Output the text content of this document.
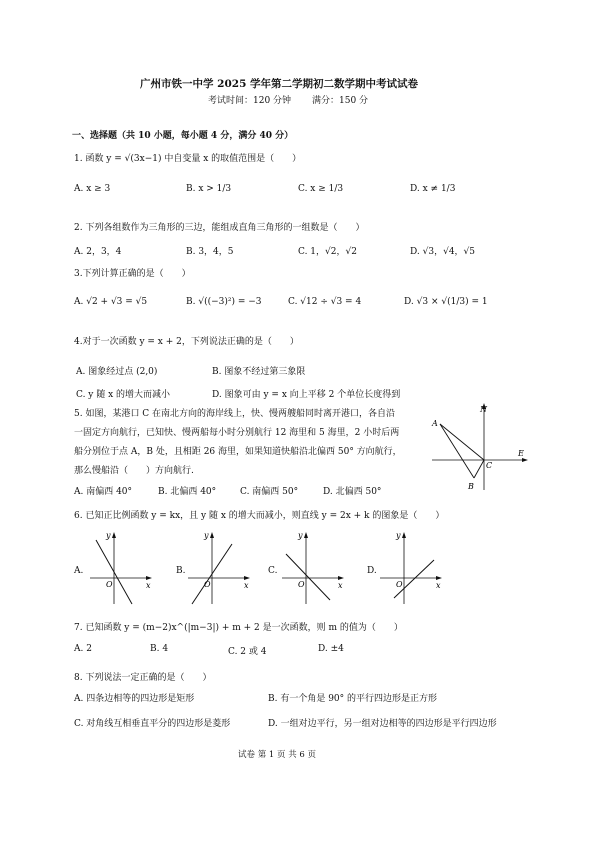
广州市铁一中学 2025 学年第二学期初二数学期中考试试卷
考试时间：120 分钟 满分：150 分
一、选择题（共 10 小题，每小题 4 分，满分 40 分）
1. 函数 y = √(3x−1) 中自变量 x 的取值范围是（　　）
A. x ≥ 3	B. x > 1/3	C. x ≥ 1/3	D. x ≠ 1/3
2. 下列各组数作为三角形的三边，能组成直角三角形的一组数是（　　）
A. 2，3，4	B. 3，4，5	C. 1，√2，√2	D. √3，√4，√5
3.下列计算正确的是（　　）
A. √2 + √3 = √5	B. √((−3)²) = −3	C. √12 ÷ √3 = 4	D. √3 × √(1/3) = 1
4.对于一次函数 y = x + 2，下列说法正确的是（　　）
A. 图象经过点 (2,0)	B. 图象不经过第三象限
C. y 随 x 的增大而减小	D. 图象可由 y = x 向上平移 2 个单位长度得到
5. 如图，某港口 C 在南北方向的海岸线上，快、慢两艘船同时离开港口，各自沿
一固定方向航行，已知快、慢两船每小时分别航行 12 海里和 5 海里，2 小时后两
船分别位于点 A，B 处，且相距 26 海里，如果知道快船沿北偏西 50° 方向航行，
那么慢船沿（　　）方向航行.
A. 南偏西 40°	B. 北偏西 40°	C. 南偏西 50°	D. 北偏西 50°
N
E
A
B
C
6. 已知正比例函数 y = kx，且 y 随 x 的增大而减小，则直线 y = 2x + k 的图象是（　　）
A.	B.	C.	D.
y
x
O
y
x
O
y
x
O
y
x
O
7. 已知函数 y = (m−2)x^(|m−3|) + m + 2 是一次函数，则 m 的值为（　　）
A. 2	B. 4	C. 2 或 4	D. ±4
8. 下列说法一定正确的是（　　）
A. 四条边相等的四边形是矩形	B. 有一个角是 90° 的平行四边形是正方形
C. 对角线互相垂直平分的四边形是菱形	D. 一组对边平行，另一组对边相等的四边形是平行四边形
试卷 第 1 页 共 6 页
